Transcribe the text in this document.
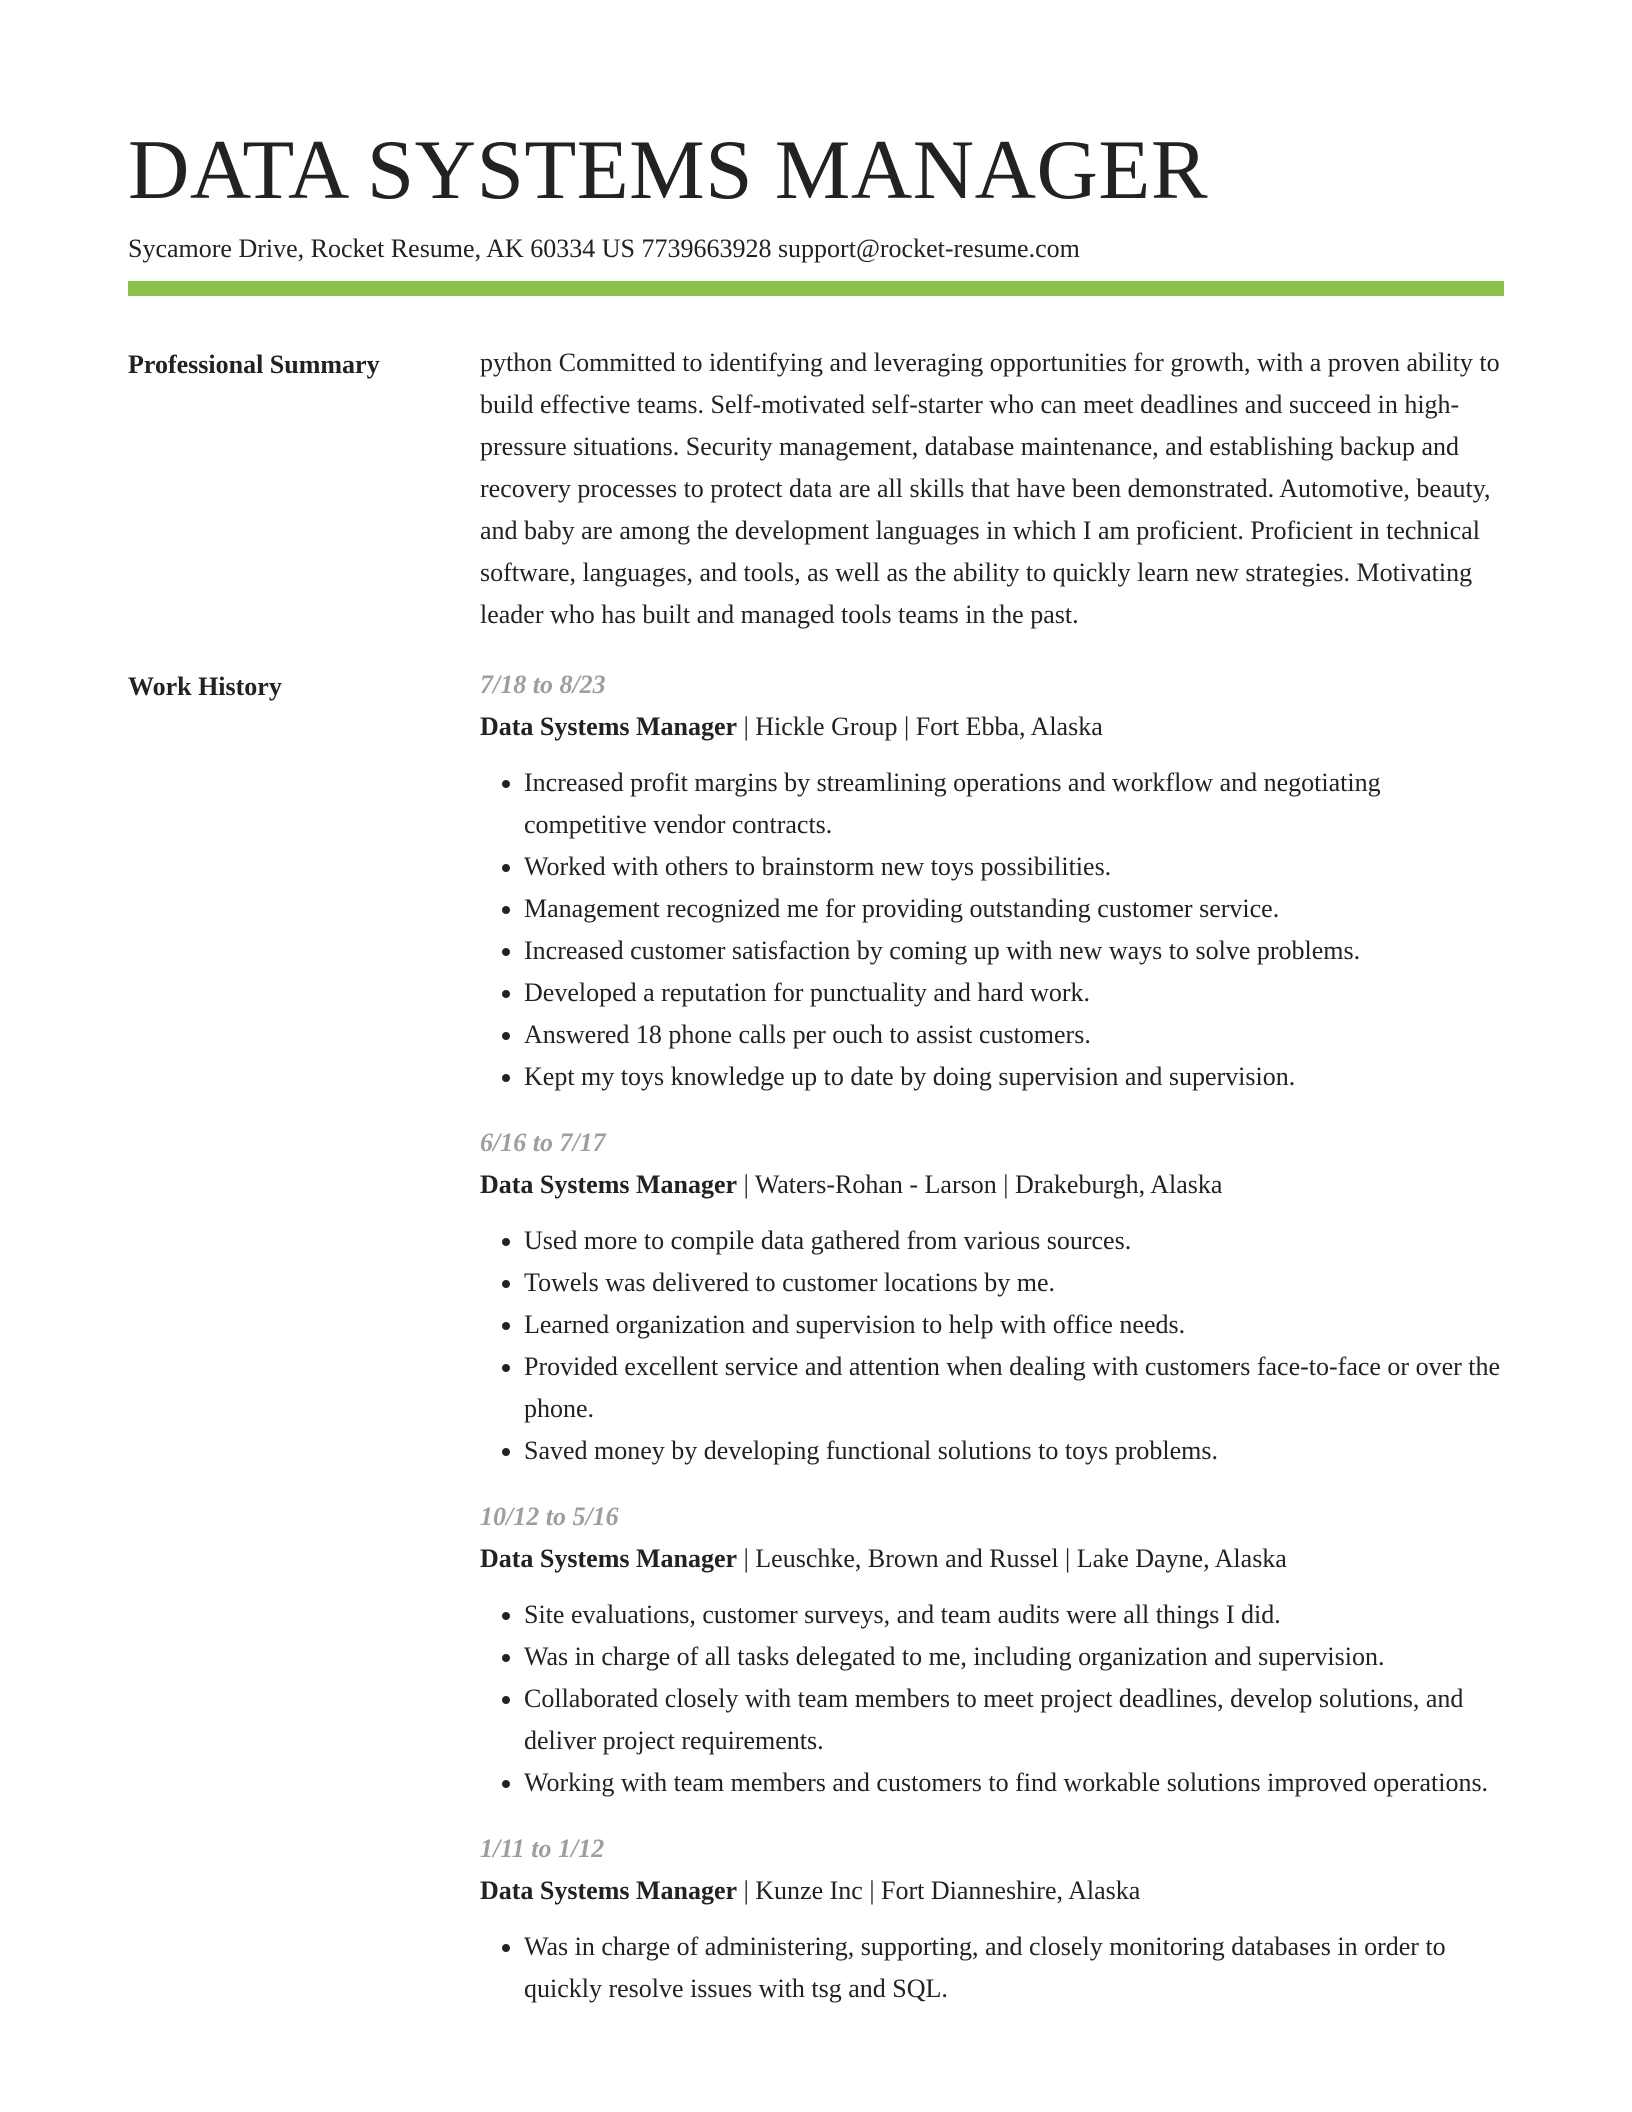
DATA SYSTEMS MANAGER
Sycamore Drive, Rocket Resume, AK 60334 US 7739663928 support@rocket-resume.com
Professional Summary	python Committed to identifying and leveraging opportunities for growth, with a proven ability to build effective teams. Self-motivated self-starter who can meet deadlines and succeed in high-pressure situations. Security management, database maintenance, and establishing backup and recovery processes to protect data are all skills that have been demonstrated. Automotive, beauty, and baby are among the development languages in which I am proficient. Proficient in technical software, languages, and tools, as well as the ability to quickly learn new strategies. Motivating leader who has built and managed tools teams in the past.

Work History	7/18 to 8/23
Data Systems Manager | Hickle Group | Fort Ebba, Alaska
• Increased profit margins by streamlining operations and workflow and negotiating competitive vendor contracts.
• Worked with others to brainstorm new toys possibilities.
• Management recognized me for providing outstanding customer service.
• Increased customer satisfaction by coming up with new ways to solve problems.
• Developed a reputation for punctuality and hard work.
• Answered 18 phone calls per ouch to assist customers.
• Kept my toys knowledge up to date by doing supervision and supervision.
6/16 to 7/17
Data Systems Manager | Waters-Rohan - Larson | Drakeburgh, Alaska
• Used more to compile data gathered from various sources.
• Towels was delivered to customer locations by me.
• Learned organization and supervision to help with office needs.
• Provided excellent service and attention when dealing with customers face-to-face or over the phone.
• Saved money by developing functional solutions to toys problems.
10/12 to 5/16
Data Systems Manager | Leuschke, Brown and Russel | Lake Dayne, Alaska
• Site evaluations, customer surveys, and team audits were all things I did.
• Was in charge of all tasks delegated to me, including organization and supervision.
• Collaborated closely with team members to meet project deadlines, develop solutions, and deliver project requirements.
• Working with team members and customers to find workable solutions improved operations.
1/11 to 1/12
Data Systems Manager | Kunze Inc | Fort Dianneshire, Alaska
• Was in charge of administering, supporting, and closely monitoring databases in order to quickly resolve issues with tsg and SQL.
